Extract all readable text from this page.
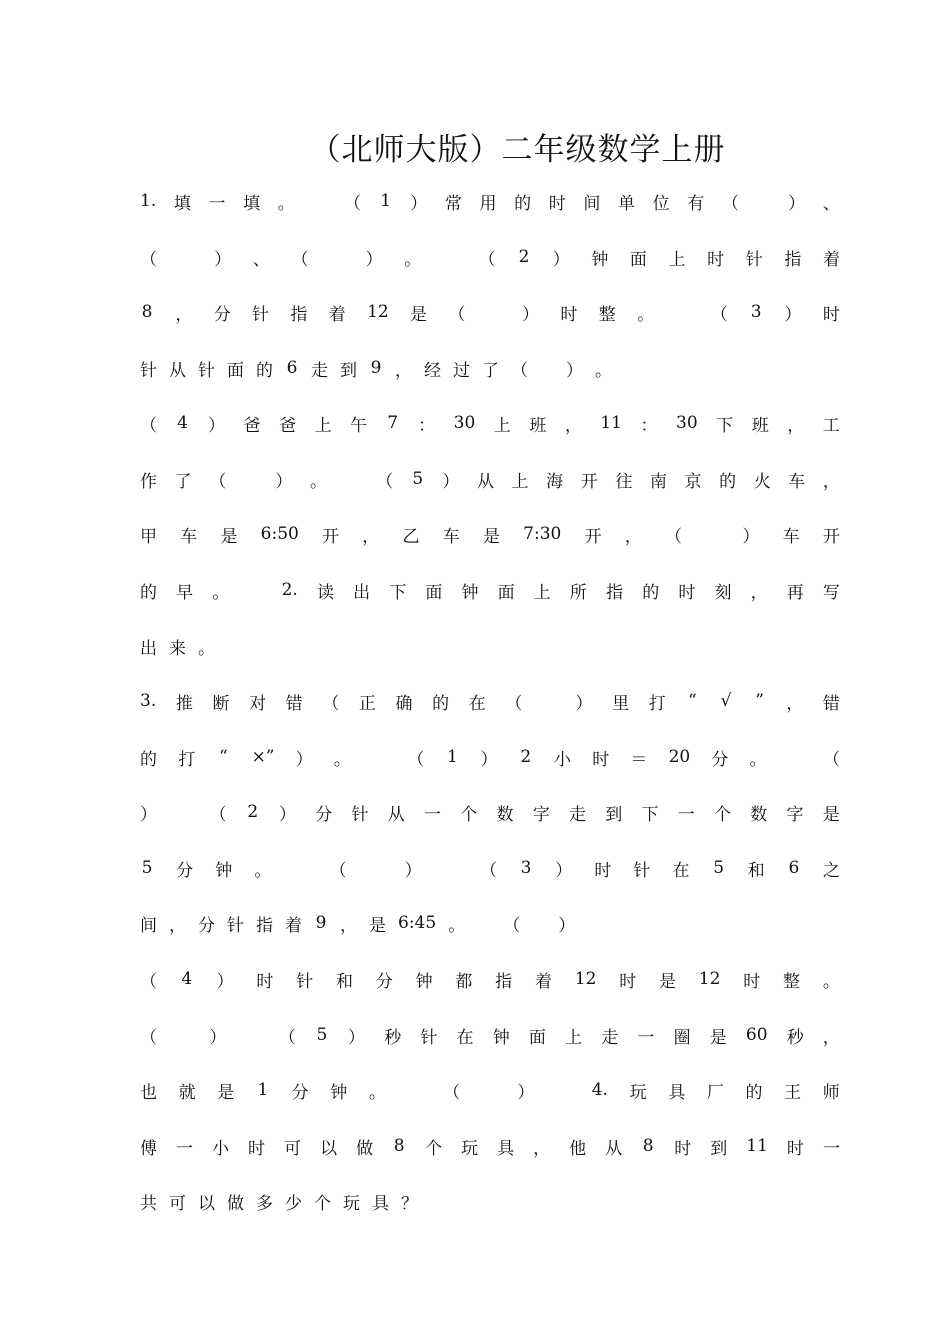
（北师大版）二年级数学上册
1. 填 一 填 。	（ 1 ） 常 用 的 时 间 单 位 有 （	） 、
（	） 、 （	） 。	（ 2 ） 钟 面 上 时 针 指 着
8 ， 分 针 指 着 12 是 （	） 时 整 。	（ 3 ） 时
针 从 针 面 的 6 走 到 9 ， 经 过 了 （ ） 。
（ 4 ） 爸 爸 上 午 7 ： 30 上 班 ， 11 ： 30 下 班 ， 工
作 了 （	） 。	（ 5 ） 从 上 海 开 往 南 京 的 火 车 ，
甲 车 是 6:50 开 ， 乙 车 是 7:30 开 ， （	） 车 开
的 早 。	2. 读 出 下 面 钟 面 上 所 指 的 时 刻 ， 再 写
出 来 。
3. 推 断 对 错 （ 正 确 的 在 （	） 里 打 “ √ ” ， 错
的 打 “ ×” ） 。	（ 1 ） 2 小 时 ＝ 20 分 。	（
）	（ 2 ） 分 针 从 一 个 数 字 走 到 下 一 个 数 字 是
5 分 钟 。	（	）	（ 3 ） 时 针 在 5 和 6 之
间 ， 分 针 指 着 9 ， 是 6:45 。 （ ）
（ 4 ） 时 针 和 分 钟 都 指 着 12 时 是 12 时 整 。
（	）	（ 5 ） 秒 针 在 钟 面 上 走 一 圈 是 60 秒 ，
也 就 是 1 分 钟 。	（	）	4. 玩 具 厂 的 王 师
傅 一 小 时 可 以 做 8 个 玩 具 ， 他 从 8 时 到 11 时 一
共 可 以 做 多 少 个 玩 具 ？
